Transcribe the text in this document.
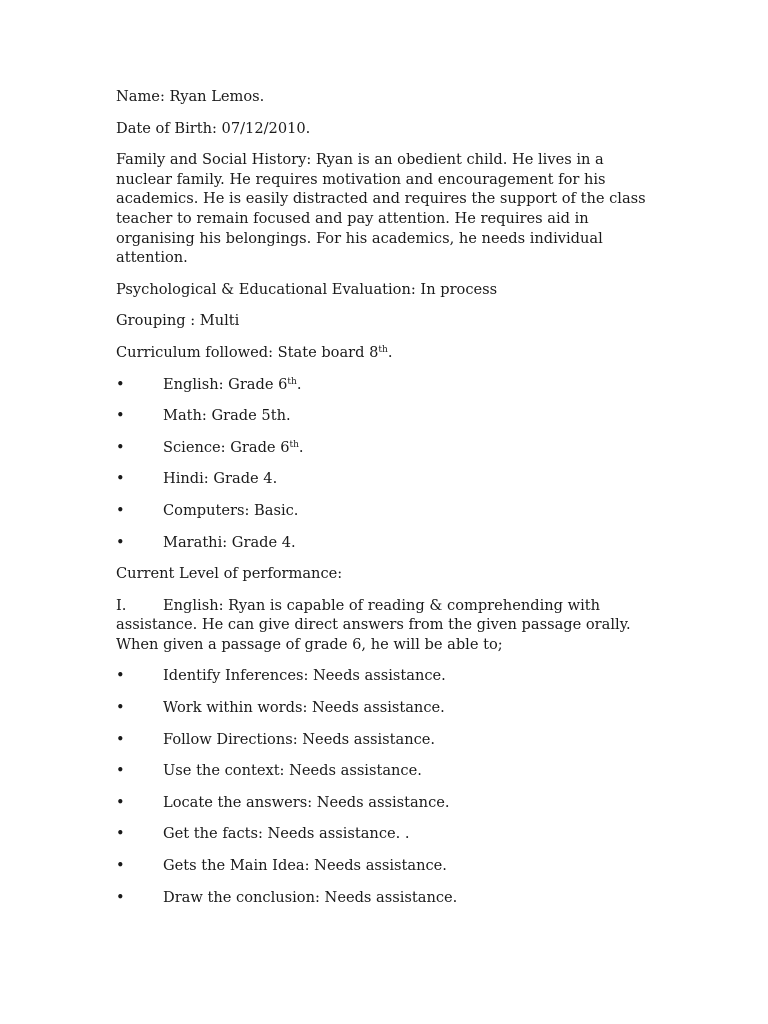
Name: Ryan Lemos.

Date of Birth: 07/12/2010.

Family and Social History: Ryan is an obedient child. He lives in a nuclear family. He requires motivation and encouragement for his academics. He is easily distracted and requires the support of the class teacher to remain focused and pay attention. He requires aid in organising his belongings. For his academics, he needs individual attention.

Psychological & Educational Evaluation: In process

Grouping : Multi

Curriculum followed: State board 8th.

•	English: Grade 6th.
•	Math: Grade 5th.
•	Science: Grade 6th.
•	Hindi: Grade 4.
•	Computers: Basic.
•	Marathi: Grade 4.

Current Level of performance:

I.	English: Ryan is capable of reading & comprehending with assistance. He can give direct answers from the given passage orally. When given a passage of grade 6, he will be able to;

•	Identify Inferences: Needs assistance.
•	Work within words: Needs assistance.
•	Follow Directions: Needs assistance.
•	Use the context: Needs assistance.
•	Locate the answers: Needs assistance.
•	Get the facts: Needs assistance. .
•	Gets the Main Idea: Needs assistance.
•	Draw the conclusion: Needs assistance.
